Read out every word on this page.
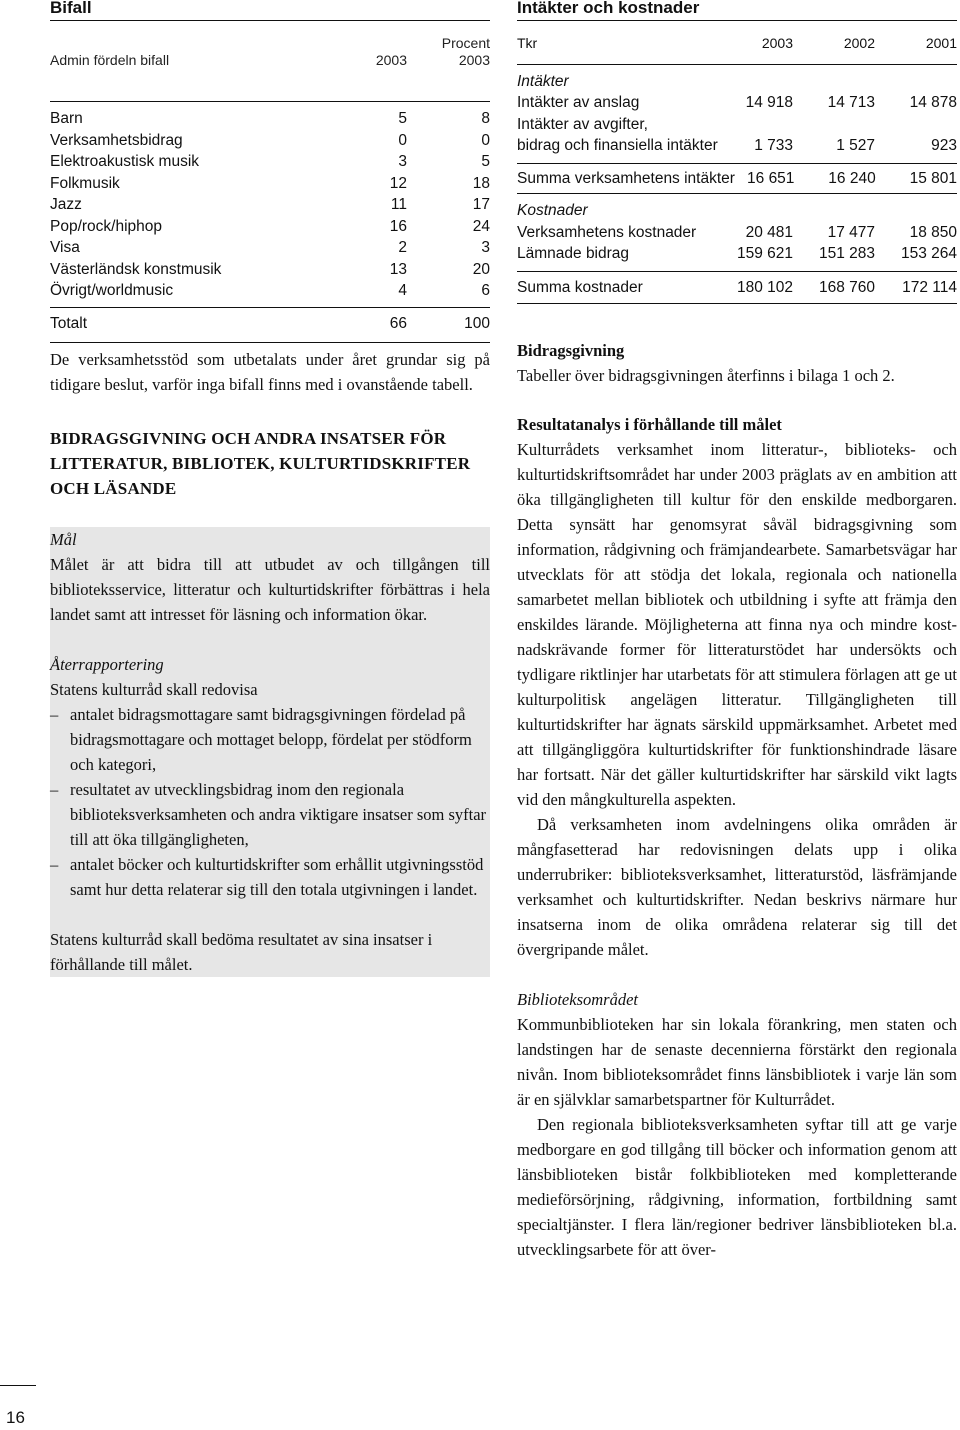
Bifall
Procent
Admin fördeln bifall	2003	2003
Barn	5	8
Verksamhetsbidrag	0	0
Elektroakustisk musik	3	5
Folkmusik	12	18
Jazz	11	17
Pop/rock/hiphop	16	24
Visa	2	3
Västerländsk konstmusik	13	20
Övrigt/worldmusic	4	6
Totalt	66	100
Intäkter och kostnader
Tkr	2003	2002	2001
Intäkter
Intäkter av anslag	14 918	14 713	14 878
Intäkter av avgifter,
bidrag och finansiella intäkter	1 733	1 527	923
Summa verksamhetens intäkter 16 651	16 240	15 801
Kostnader
Verksamhetens kostnader	20 481	17 477	18 850
Lämnade bidrag	159 621	151 283	153 264
Summa kostnader	180 102	168 760	172 114

De verksamhetsstöd som utbetalats under året grundar sig på tidigare beslut, varför inga bifall finns med i ovanstående tabell.

BIDRAGSGIVNING OCH ANDRA INSATSER FÖR

LITTERATUR, BIBLIOTEK, KULTURTIDSKRIFTER

OCH LÄSANDE

Mål

Målet är att bidra till att utbudet av och tillgången till biblioteksservice, litteratur och kulturtidskrifter förbättras i hela landet samt att intresset för läsning och information ökar.

Återrapportering

Statens kulturråd skall redovisa

– antalet bidragsmottagare samt bidragsgivningen fördelad på bidragsmottagare och mottaget belopp, fördelat per stödform och kategori,

– resultatet av utvecklingsbidrag inom den regionala biblioteksverksamheten och andra viktigare insatser som syftar till att öka tillgängligheten,

– antalet böcker och kulturtidskrifter som erhållit utgivningsstöd samt hur detta relaterar sig till den totala utgivningen i landet.

Statens kulturråd skall bedöma resultatet av sina insatser i förhållande till målet.

Bidragsgivning

Tabeller över bidragsgivningen återfinns i bilaga 1 och 2.

Resultatanalys i förhållande till målet

Kulturrådets verksamhet inom litteratur-, biblioteks- och kulturtidskriftsområdet har under 2003 präglats av en ambition att öka tillgängligheten till kultur för den enskilde medborgaren. Detta synsätt har genomsyrat såväl bidragsgivning som information, rådgivning och främjandearbete. Samarbetsvägar har utvecklats för att stödja det lokala, regionala och nationella samarbetet mellan bibliotek och utbildning i syfte att främja den enskildes lärande. Möjligheterna att finna nya och mindre kostnadskrävande former för litteraturstödet har undersökts och tydligare riktlinjer har utarbetats för att stimulera förlagen att ge ut kulturpolitisk angelägen litteratur. Tillgängligheten till kulturtidskrifter har ägnats särskild uppmärksamhet. Arbetet med att tillgängliggöra kulturtidskrifter för funktionshindrade läsare har fortsatt. När det gäller kulturtidskrifter har särskild vikt lagts vid den mångkulturella aspekten.

Då verksamheten inom avdelningens olika områden är mångfasetterad har redovisningen delats upp i olika underrubriker: biblioteksverksamhet, litteraturstöd, läsfrämjande verksamhet och kulturtidskrifter. Nedan beskrivs närmare hur insatserna inom de olika områdena relaterar sig till det övergripande målet.

Biblioteksområdet

Kommunbiblioteken har sin lokala förankring, men staten och landstingen har de senaste decennierna förstärkt den regionala nivån. Inom biblioteksområdet finns länsbibliotek i varje län som är en självklar samarbetspartner för Kulturrådet.

Den regionala biblioteksverksamheten syftar till att ge varje medborgare en god tillgång till böcker och information genom att länsbiblioteken bistår folkbiblioteken med kompletterande medieförsörjning, rådgivning, information, fortbildning samt specialtjänster. I flera län/regioner bedriver länsbiblioteken bl.a. utvecklingsarbete för att över-

16
